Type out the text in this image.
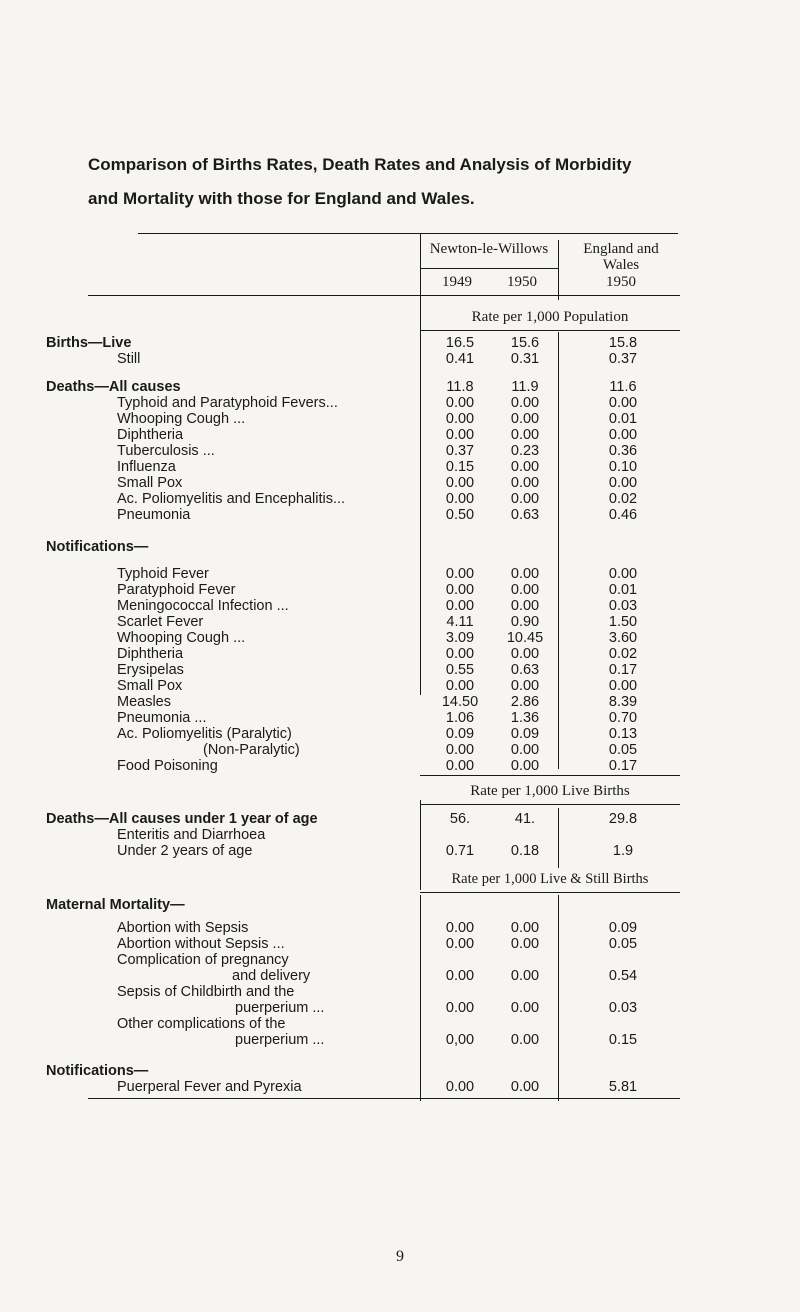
Comparison of Births Rates, Death Rates and Analysis of Morbidity
and Mortality with those for England and Wales.
Newton-le-Willows
1949	1950
England and
Wales
1950
Rate per 1,000 Population
Births—Live	16.5	15.6	15.8
Still	0.41	0.31	0.37
Deaths—All causes	11.8	11.9	11.6
Typhoid and Paratyphoid Fevers...	0.00	0.00	0.00
Whooping Cough ...	0.00	0.00	0.01
Diphtheria	0.00	0.00	0.00
Tuberculosis ...	0.37	0.23	0.36
Influenza	0.15	0.00	0.10
Small Pox	0.00	0.00	0.00
Ac. Poliomyelitis and Encephalitis...	0.00	0.00	0.02
Pneumonia	0.50	0.63	0.46
Notifications—
Typhoid Fever	0.00	0.00	0.00
Paratyphoid Fever	0.00	0.00	0.01
Meningococcal Infection ...	0.00	0.00	0.03
Scarlet Fever	4.11	0.90	1.50
Whooping Cough ...	3.09	10.45	3.60
Diphtheria	0.00	0.00	0.02
Erysipelas	0.55	0.63	0.17
Small Pox	0.00	0.00	0.00
Measles	14.50	2.86	8.39
Pneumonia ...	1.06	1.36	0.70
Ac. Poliomyelitis (Paralytic)	0.09	0.09	0.13
(Non-Paralytic)	0.00	0.00	0.05
Food Poisoning	0.00	0.00	0.17
Deaths—All causes under 1 year of age	56.	41.	29.8
Enteritis and Diarrhoea
Under 2 years of age	0.71	0.18	1.9
Maternal Mortality—
Abortion with Sepsis	0.00	0.00	0.09
Abortion without Sepsis ...	0.00	0.00	0.05
Complication of pregnancy
and delivery	0.00	0.00	0.54
Sepsis of Childbirth and the
puerperium ...	0.00	0.00	0.03
Other complications of the
puerperium ...	0,00	0.00	0.15
Notifications—
Puerperal Fever and Pyrexia	0.00	0.00	5.81
Rate per 1,000 Live Births
Rate per 1,000 Live & Still Births
9
